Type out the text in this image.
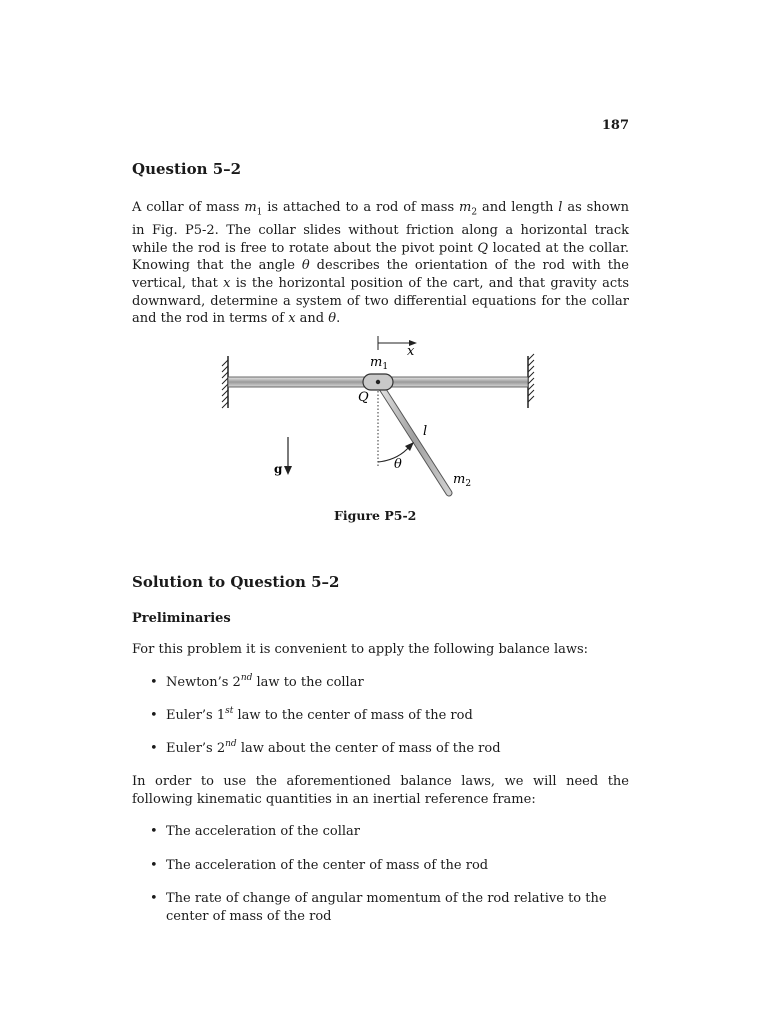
187
Question 5–2

A collar of mass $m_1$ is attached to a rod of mass $m_2$ and length l as shown in Fig. P5-2. The collar slides without friction along a horizontal track while the rod is free to rotate about the pivot point Q located at the collar. Knowing that the angle θ describes the orientation of the rod with the vertical, that x is the horizontal position of the cart, and that gravity acts downward, determine a system of two differential equations for the collar and the rod in terms of x and θ.

$m_1$
x
Q
l
θ
$m_2$
g
Figure P5-2
Solution to Question 5–2
Preliminaries

For this problem it is convenient to apply the following balance laws:

• Newton’s 2nd law to the collar
• Euler’s 1st law to the center of mass of the rod
• Euler’s 2nd law about the center of mass of the rod

In order to use the aforementioned balance laws, we will need the following kinematic quantities in an inertial reference frame:

• The acceleration of the collar
• The acceleration of the center of mass of the rod
• The rate of change of angular momentum of the rod relative to the center of mass of the rod
